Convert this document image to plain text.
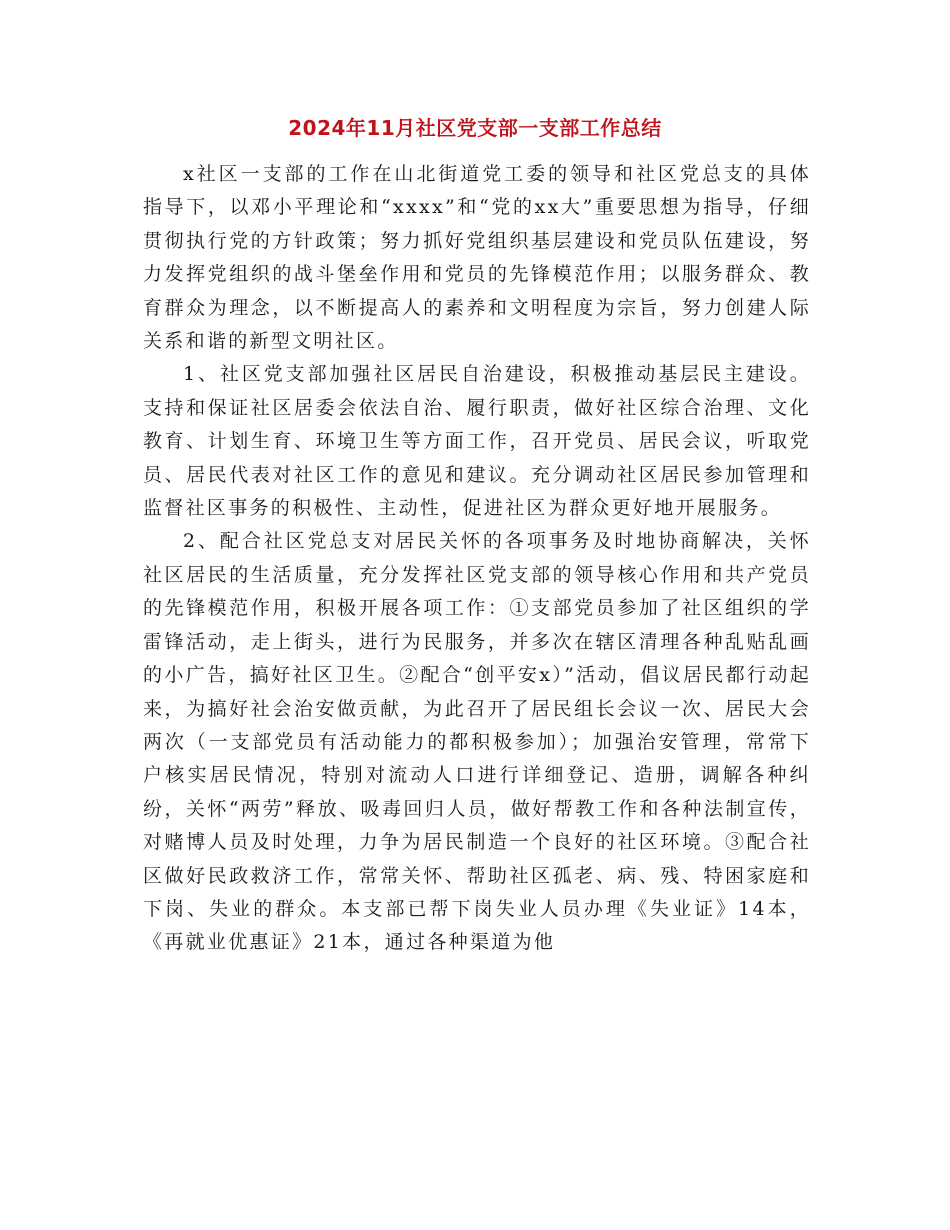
2024年11月社区党支部一支部工作总结

x社区一支部的工作在山北街道党工委的领导和社区党总支的具体指导下，以邓小平理论和“xxxx”和“党的xx大”重要思想为指导，仔细贯彻执行党的方针政策；努力抓好党组织基层建设和党员队伍建设，努力发挥党组织的战斗堡垒作用和党员的先锋模范作用；以服务群众、教育群众为理念，以不断提高人的素养和文明程度为宗旨，努力创建人际关系和谐的新型文明社区。

1、社区党支部加强社区居民自治建设，积极推动基层民主建设。支持和保证社区居委会依法自治、履行职责，做好社区综合治理、文化教育、计划生育、环境卫生等方面工作，召开党员、居民会议，听取党员、居民代表对社区工作的意见和建议。充分调动社区居民参加管理和监督社区事务的积极性、主动性，促进社区为群众更好地开展服务。

2、配合社区党总支对居民关怀的各项事务及时地协商解决，关怀社区居民的生活质量，充分发挥社区党支部的领导核心作用和共产党员的先锋模范作用，积极开展各项工作：①支部党员参加了社区组织的学雷锋活动，走上街头，进行为民服务，并多次在辖区清理各种乱贴乱画的小广告，搞好社区卫生。②配合“创平安x）”活动，倡议居民都行动起来，为搞好社会治安做贡献，为此召开了居民组长会议一次、居民大会两次（一支部党员有活动能力的都积极参加）；加强治安管理，常常下户核实居民情况，特别对流动人口进行详细登记、造册，调解各种纠纷，关怀“两劳”释放、吸毒回归人员，做好帮教工作和各种法制宣传，对赌博人员及时处理，力争为居民制造一个良好的社区环境。③配合社区做好民政救济工作，常常关怀、帮助社区孤老、病、残、特困家庭和下岗、失业的群众。本支部已帮下岗失业人员办理《失业证》14本，《再就业优惠证》21本，通过各种渠道为他
